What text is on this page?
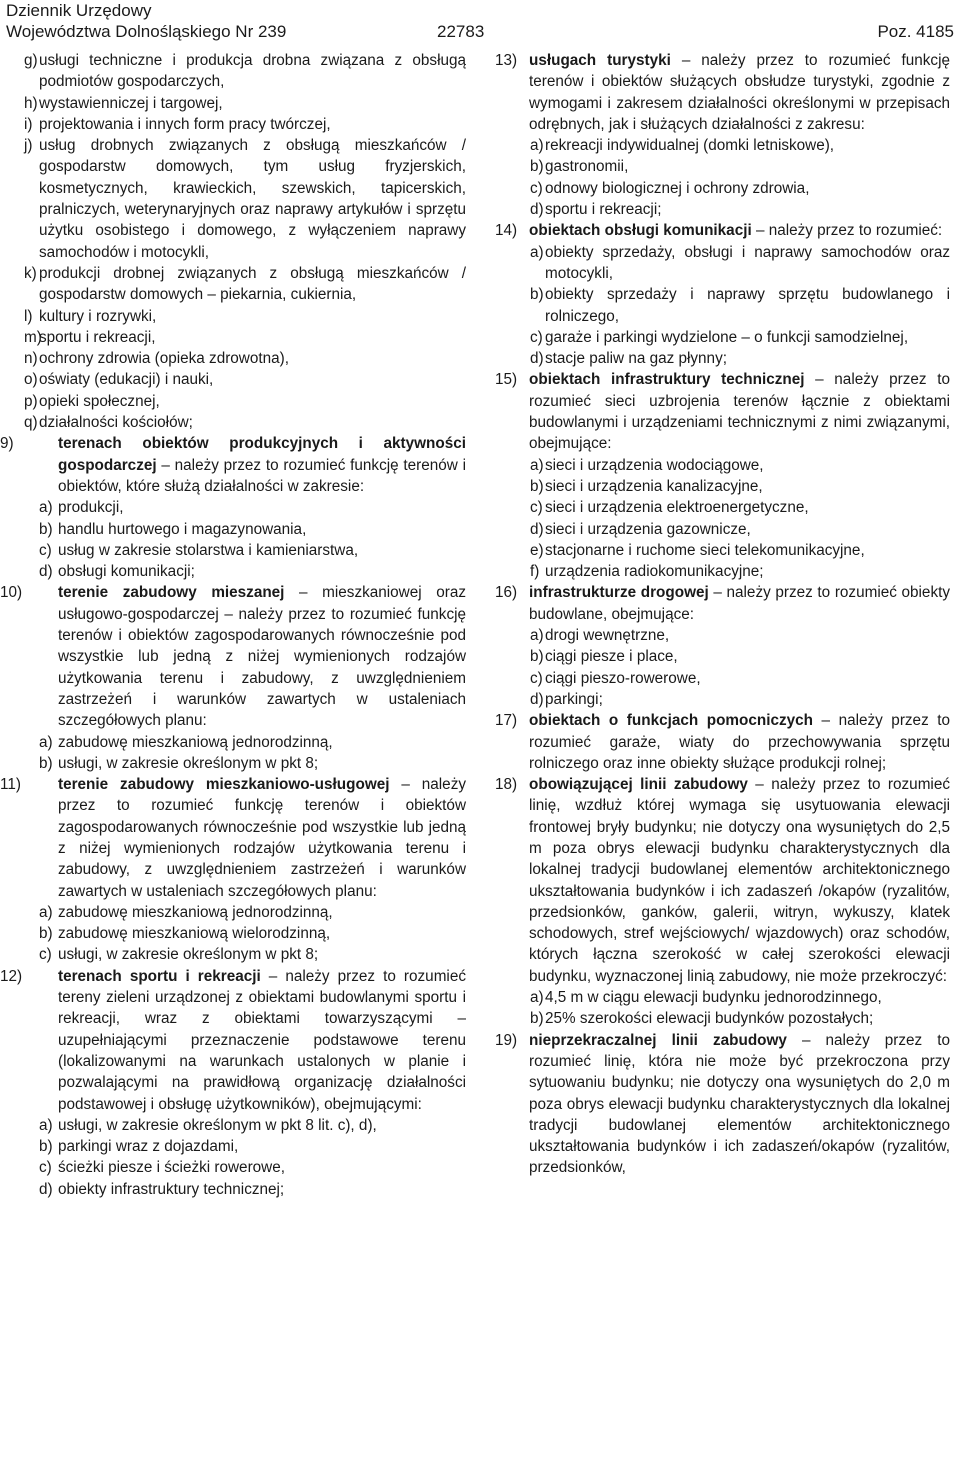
Dziennik Urzędowy
Województwa Dolnośląskiego Nr 239	22783	Poz. 4185
g) usługi techniczne i produkcja drobna związana z obsługą podmiotów gospodarczych,
h) wystawienniczej i targowej,
i) projektowania i innych form pracy twórczej,
j) usług drobnych związanych z obsługą mieszkańców / gospodarstw domowych, tym usług fryzjerskich, kosmetycznych, krawieckich, szewskich, tapicerskich, pralniczych, weterynaryjnych oraz naprawy artykułów i sprzętu użytku osobistego i domowego, z wyłączeniem naprawy samochodów i motocykli,
k) produkcji drobnej związanych z obsługą mieszkańców / gospodarstw domowych – piekarnia, cukiernia,
l) kultury i rozrywki,
m)
sportu i rekreacji,
n) ochrony zdrowia (opieka zdrowotna),
o) oświaty (edukacji) i nauki,
p) opieki społecznej,
q) działalności kościołów;
9)	terenach obiektów produkcyjnych i aktywności gospodarczej – należy przez to rozumieć funkcję terenów i obiektów, które służą działalności w zakresie:
a) produkcji,
b) handlu hurtowego i magazynowania,
c) usług w zakresie stolarstwa i kamieniarstwa,
d) obsługi komunikacji;
10) terenie zabudowy mieszanej – mieszkaniowej oraz usługowo-gospodarczej – należy przez to rozumieć funkcję terenów i obiektów zagospodarowanych równocześnie pod wszystkie lub jedną z niżej wymienionych rodzajów użytkowania terenu i zabudowy, z uwzględnieniem zastrzeżeń i warunków zawartych w ustaleniach szczegółowych planu:
a) zabudowę mieszkaniową jednorodzinną,
b) usługi, w zakresie określonym w pkt 8;
11) terenie zabudowy mieszkaniowo-usługowej – należy przez to rozumieć funkcję terenów i obiektów zagospodarowanych równocześnie pod wszystkie lub jedną z niżej wymienionych rodzajów użytkowania terenu i zabudowy, z uwzględnieniem zastrzeżeń i warunków zawartych w ustaleniach szczegółowych planu:
a) zabudowę mieszkaniową jednorodzinną,
b) zabudowę mieszkaniową wielorodzinną,
c) usługi, w zakresie określonym w pkt 8;
12) terenach sportu i rekreacji – należy przez to rozumieć tereny zieleni urządzonej z obiektami budowlanymi sportu i rekreacji, wraz z obiektami towarzyszącymi – uzupełniającymi przeznaczenie podstawowe terenu (lokalizowanymi na warunkach ustalonych w planie i pozwalającymi na prawidłową organizację działalności podstawowej i obsługę użytkowników), obejmującymi:
a) usługi, w zakresie określonym w pkt 8 lit. c), d),
b) parkingi wraz z dojazdami,
c) ścieżki piesze i ścieżki rowerowe,
d) obiekty infrastruktury technicznej;
13) usługach turystyki – należy przez to rozumieć funkcję terenów i obiektów służących obsłudze turystyki, zgodnie z wymogami i zakresem działalności określonymi w przepisach odrębnych, jak i służących działalności z zakresu:
a) rekreacji indywidualnej (domki letniskowe),
b) gastronomii,
c) odnowy biologicznej i ochrony zdrowia,
d) sportu i rekreacji;
14) obiektach obsługi komunikacji – należy przez to rozumieć:
a) obiekty sprzedaży, obsługi i naprawy samochodów oraz motocykli,
b) obiekty sprzedaży i naprawy sprzętu budowlanego i rolniczego,
c) garaże i parkingi wydzielone – o funkcji samodzielnej,
d) stacje paliw na gaz płynny;
15) obiektach infrastruktury technicznej – należy przez to rozumieć sieci uzbrojenia terenów łącznie z obiektami budowlanymi i urządzeniami technicznymi z nimi związanymi, obejmujące:
a) sieci i urządzenia wodociągowe,
b) sieci i urządzenia kanalizacyjne,
c) sieci i urządzenia elektroenergetyczne,
d) sieci i urządzenia gazownicze,
e) stacjonarne i ruchome sieci telekomunikacyjne,
f) urządzenia radiokomunikacyjne;
16) infrastrukturze drogowej – należy przez to rozumieć obiekty budowlane, obejmujące:
a) drogi wewnętrzne,
b) ciągi piesze i place,
c) ciągi pieszo-rowerowe,
d) parkingi;
17) obiektach o funkcjach pomocniczych – należy przez to rozumieć garaże, wiaty do przechowywania sprzętu rolniczego oraz inne obiekty służące produkcji rolnej;
18) obowiązującej linii zabudowy – należy przez to rozumieć linię, wzdłuż której wymaga się usytuowania elewacji frontowej bryły budynku; nie dotyczy ona wysuniętych do 2,5 m poza obrys elewacji budynku charakterystycznych dla lokalnej tradycji budowlanej elementów architektonicznego ukształtowania budynków i ich zadaszeń /okapów (ryzalitów, przedsionków, ganków, galerii, witryn, wykuszy, klatek schodowych, stref wejściowych/ wjazdowych) oraz schodów, których łączna szerokość w całej szerokości elewacji budynku, wyznaczonej linią zabudowy, nie może przekroczyć:
a) 4,5 m w ciągu elewacji budynku jednorodzinnego,
b) 25% szerokości elewacji budynków pozostałych;
19) nieprzekraczalnej linii zabudowy – należy przez to rozumieć linię, która nie może być przekroczona przy sytuowaniu budynku; nie dotyczy ona wysuniętych do 2,0 m poza obrys elewacji budynku charakterystycznych dla lokalnej tradycji budowlanej elementów architektonicznego ukształtowania budynków i ich zadaszeń/okapów (ryzalitów, przedsionków,
